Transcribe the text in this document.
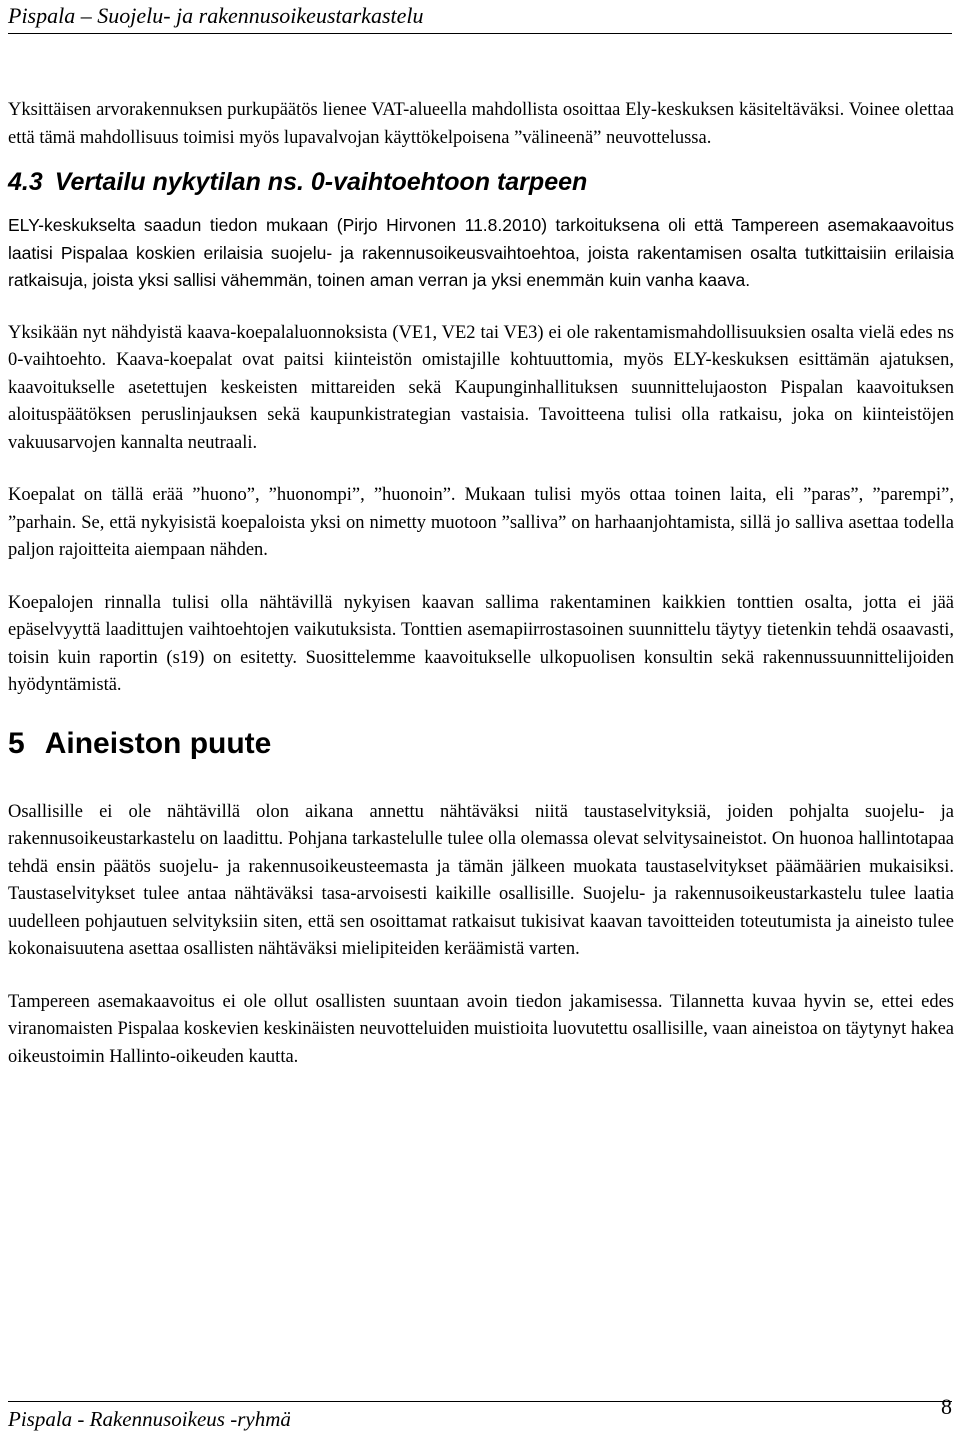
Pispala – Suojelu- ja rakennusoikeustarkastelu

Yksittäisen arvorakennuksen purkupäätös lienee VAT-alueella mahdollista osoittaa Ely-keskuksen käsiteltäväksi. Voinee olettaa että tämä mahdollisuus toimisi myös lupavalvojan käyttökelpoisena ”välineenä” neuvottelussa.

4.3 Vertailu nykytilan ns. 0-vaihtoehtoon tarpeen

ELY-keskukselta saadun tiedon mukaan (Pirjo Hirvonen 11.8.2010) tarkoituksena oli että Tampereen asemakaavoitus laatisi Pispalaa koskien erilaisia suojelu- ja rakennusoikeusvaihtoehtoa, joista rakentamisen osalta tutkittaisiin erilaisia ratkaisuja, joista yksi sallisi vähemmän, toinen aman verran ja yksi enemmän kuin vanha kaava.

Yksikään nyt nähdyistä kaava-koepalaluonnoksista (VE1, VE2 tai VE3) ei ole rakentamismahdollisuuksien osalta vielä edes ns 0-vaihtoehto. Kaava-koepalat ovat paitsi kiinteistön omistajille kohtuuttomia, myös ELY-keskuksen esittämän ajatuksen, kaavoitukselle asetettujen keskeisten mittareiden sekä Kaupunginhallituksen suunnittelujaoston Pispalan kaavoituksen aloituspäätöksen peruslinjauksen sekä kaupunkistrategian vastaisia. Tavoitteena tulisi olla ratkaisu, joka on kiinteistöjen vakuusarvojen kannalta neutraali.

Koepalat on tällä erää ”huono”, ”huonompi”, ”huonoin”. Mukaan tulisi myös ottaa toinen laita, eli ”paras”, ”parempi”, ”parhain. Se, että nykyisistä koepaloista yksi on nimetty muotoon ”salliva” on harhaanjohtamista, sillä jo salliva asettaa todella paljon rajoitteita aiempaan nähden.

Koepalojen rinnalla tulisi olla nähtävillä nykyisen kaavan sallima rakentaminen kaikkien tonttien osalta, jotta ei jää epäselvyyttä laadittujen vaihtoehtojen vaikutuksista. Tonttien asemapiirrostasoinen suunnittelu täytyy tietenkin tehdä osaavasti, toisin kuin raportin (s19) on esitetty. Suosittelemme kaavoitukselle ulkopuolisen konsultin sekä rakennussuunnittelijoiden hyödyntämistä.

5 Aineiston puute

Osallisille ei ole nähtävillä olon aikana annettu nähtäväksi niitä taustaselvityksiä, joiden pohjalta suojelu- ja rakennusoikeustarkastelu on laadittu. Pohjana tarkastelulle tulee olla olemassa olevat selvitysaineistot. On huonoa hallintotapaa tehdä ensin päätös suojelu- ja rakennusoikeusteemasta ja tämän jälkeen muokata taustaselvitykset päämäärien mukaisiksi. Taustaselvitykset tulee antaa nähtäväksi tasa-arvoisesti kaikille osallisille. Suojelu- ja rakennusoikeustarkastelu tulee laatia uudelleen pohjautuen selvityksiin siten, että sen osoittamat ratkaisut tukisivat kaavan tavoitteiden toteutumista ja aineisto tulee kokonaisuutena asettaa osallisten nähtäväksi mielipiteiden keräämistä varten.

Tampereen asemakaavoitus ei ole ollut osallisten suuntaan avoin tiedon jakamisessa. Tilannetta kuvaa hyvin se, ettei edes viranomaisten Pispalaa koskevien keskinäisten neuvotteluiden muistioita luovutettu osallisille, vaan aineistoa on täytynyt hakea oikeustoimin Hallinto-oikeuden kautta.

Pispala - Rakennusoikeus -ryhmä	8
